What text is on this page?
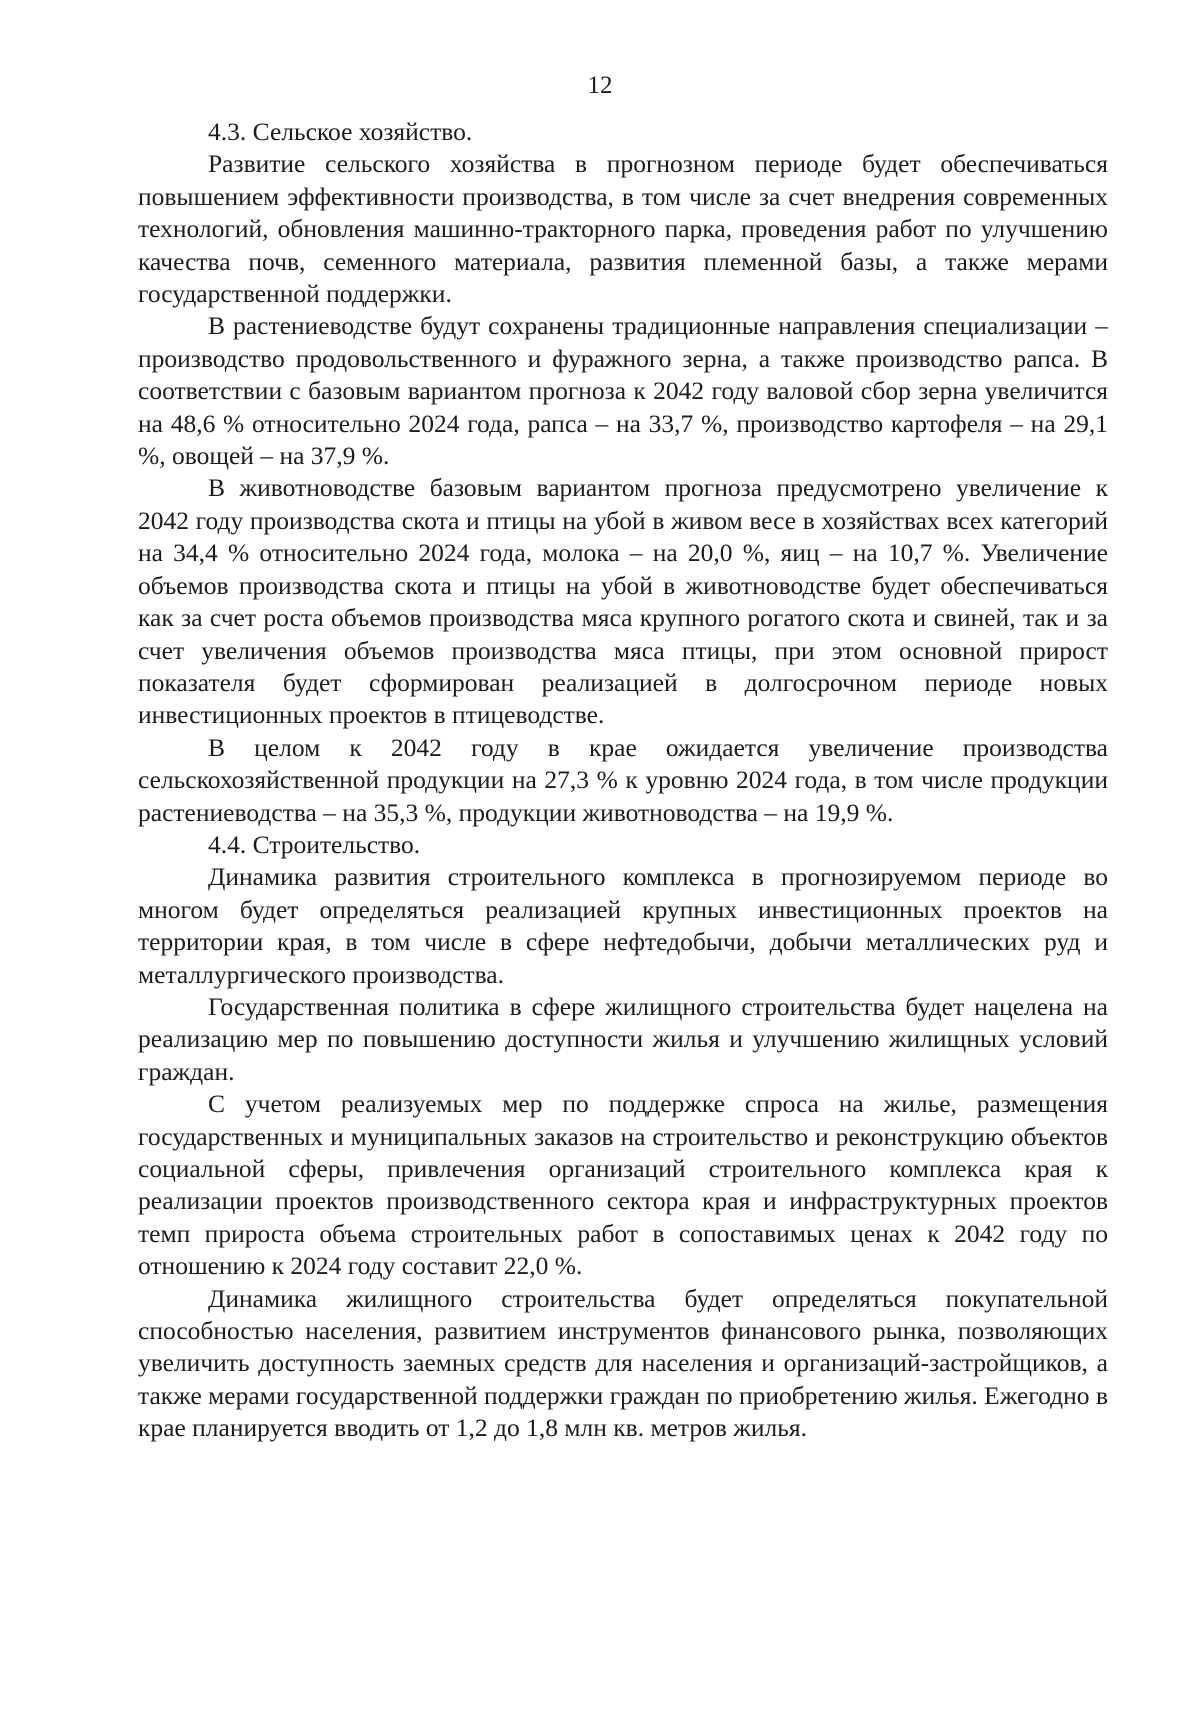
12

4.3. Сельское хозяйство.

Развитие сельского хозяйства в прогнозном периоде будет обеспечиваться повышением эффективности производства, в том числе за счет внедрения современных технологий, обновления машинно-тракторного парка, проведения работ по улучшению качества почв, семенного материала, развития племенной базы, а также мерами государственной поддержки.

В растениеводстве будут сохранены традиционные направления специализации – производство продовольственного и фуражного зерна, а также производство рапса. В соответствии с базовым вариантом прогноза к 2042 году валовой сбор зерна увеличится на 48,6 % относительно 2024 года, рапса – на 33,7 %, производство картофеля – на 29,1 %, овощей – на 37,9 %.

В животноводстве базовым вариантом прогноза предусмотрено увеличение к 2042 году производства скота и птицы на убой в живом весе в хозяйствах всех категорий на 34,4 % относительно 2024 года, молока – на 20,0 %, яиц – на 10,7 %. Увеличение объемов производства скота и птицы на убой в животноводстве будет обеспечиваться как за счет роста объемов производства мяса крупного рогатого скота и свиней, так и за счет увеличения объемов производства мяса птицы, при этом основной прирост показателя будет сформирован реализацией в долгосрочном периоде новых инвестиционных проектов в птицеводстве.

В целом к 2042 году в крае ожидается увеличение производства сельскохозяйственной продукции на 27,3 % к уровню 2024 года, в том числе продукции растениеводства – на 35,3 %, продукции животноводства – на 19,9 %.

4.4. Строительство.

Динамика развития строительного комплекса в прогнозируемом периоде во многом будет определяться реализацией крупных инвестиционных проектов на территории края, в том числе в сфере нефтедобычи, добычи металлических руд и металлургического производства.

Государственная политика в сфере жилищного строительства будет нацелена на реализацию мер по повышению доступности жилья и улучшению жилищных условий граждан.

С учетом реализуемых мер по поддержке спроса на жилье, размещения государственных и муниципальных заказов на строительство и реконструкцию объектов социальной сферы, привлечения организаций строительного комплекса края к реализации проектов производственного сектора края и инфраструктурных проектов темп прироста объема строительных работ в сопоставимых ценах к 2042 году по отношению к 2024 году составит 22,0 %.

Динамика жилищного строительства будет определяться покупательной способностью населения, развитием инструментов финансового рынка, позволяющих увеличить доступность заемных средств для населения и организаций-застройщиков, а также мерами государственной поддержки граждан по приобретению жилья. Ежегодно в крае планируется вводить от 1,2 до 1,8 млн кв. метров жилья.
